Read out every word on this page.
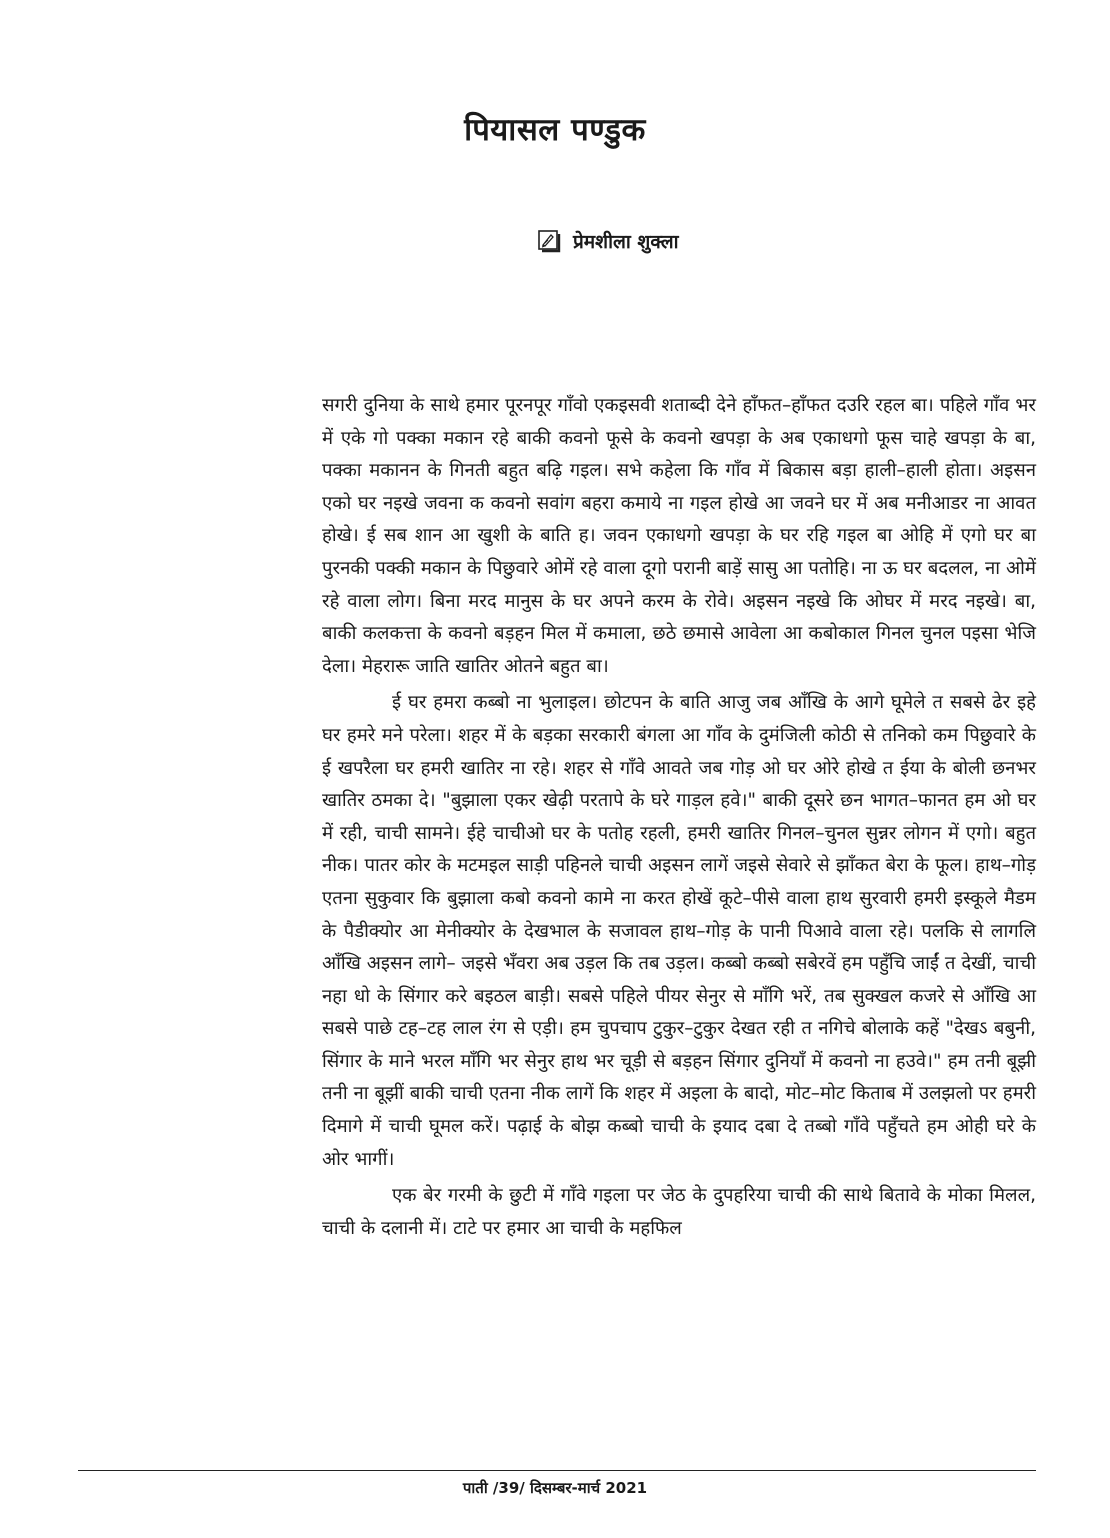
पियासल पण्डुक
प्रेमशीला शुक्ला

सगरी दुनिया के साथे हमार पूरनपूर गाँवो एकइसवी शताब्दी देने हाँफत–हाँफत दउरि रहल बा। पहिले गाँव भर में एके गो पक्का मकान रहे बाकी कवनो फूसे के कवनो खपड़ा के अब एकाधगो फूस चाहे खपड़ा के बा, पक्का मकानन के गिनती बहुत बढ़ि गइल। सभे कहेला कि गाँव में बिकास बड़ा हाली–हाली होता। अइसन एको घर नइखे जवना क कवनो सवांग बहरा कमाये ना गइल होखे आ जवने घर में अब मनीआडर ना आवत होखे। ई सब शान आ खुशी के बाति ह। जवन एकाधगो खपड़ा के घर रहि गइल बा ओहि में एगो घर बा पुरनकी पक्की मकान के पिछुवारे ओमें रहे वाला दूगो परानी बाड़ें सासु आ पतोहि। ना ऊ घर बदलल, ना ओमें रहे वाला लोग। बिना मरद मानुस के घर अपने करम के रोवे। अइसन नइखे कि ओघर में मरद नइखे। बा, बाकी कलकत्ता के कवनो बड़हन मिल में कमाला, छठे छमासे आवेला आ कबोकाल गिनल चुनल पइसा भेजि देला। मेहरारू जाति खातिर ओतने बहुत बा।

ई घर हमरा कब्बो ना भुलाइल। छोटपन के बाति आजु जब आँखि के आगे घूमेले त सबसे ढेर इहे घर हमरे मने परेला। शहर में के बड़का सरकारी बंगला आ गाँव के दुमंजिली कोठी से तनिको कम पिछुवारे के ई खपरैला घर हमरी खातिर ना रहे। शहर से गाँवे आवते जब गोड़ ओ घर ओरे होखे त ईया के बोली छनभर खातिर ठमका दे। "बुझाला एकर खेढ़ी परतापे के घरे गाड़ल हवे।" बाकी दूसरे छन भागत–फानत हम ओ घर में रही, चाची सामने। ईहे चाचीओ घर के पतोह रहली, हमरी खातिर गिनल–चुनल सुन्नर लोगन में एगो। बहुत नीक। पातर कोर के मटमइल साड़ी पहिनले चाची अइसन लागें जइसे सेवारे से झाँकत बेरा के फूल। हाथ–गोड़ एतना सुकुवार कि बुझाला कबो कवनो कामे ना करत होखें कूटे–पीसे वाला हाथ सुरवारी हमरी इस्कूले मैडम के पैडीक्योर आ मेनीक्योर के देखभाल के सजावल हाथ–गोड़ के पानी पिआवे वाला रहे। पलकि से लागलि आँखि अइसन लागे– जइसे भँवरा अब उड़ल कि तब उड़ल। कब्बो कब्बो सबेरवें हम पहुँचि जाईं त देखीं, चाची नहा धो के सिंगार करे बइठल बाड़ी। सबसे पहिले पीयर सेनुर से माँगि भरें, तब सुक्खल कजरे से आँखि आ सबसे पाछे टह–टह लाल रंग से एड़ी। हम चुपचाप टुकुर–टुकुर देखत रही त नगिचे बोलाके कहें "देखऽ बबुनी, सिंगार के माने भरल माँगि भर सेनुर हाथ भर चूड़ी से बड़हन सिंगार दुनियाँ में कवनो ना हउवे।" हम तनी बूझी तनी ना बूझीं बाकी चाची एतना नीक लागें कि शहर में अइला के बादो, मोट–मोट किताब में उलझलो पर हमरी दिमागे में चाची घूमल करें। पढ़ाई के बोझ कब्बो चाची के इयाद दबा दे तब्बो गाँवे पहुँचते हम ओही घरे के ओर भागीं।

एक बेर गरमी के छुटी में गाँवे गइला पर जेठ के दुपहरिया चाची की साथे बितावे के मोका मिलल, चाची के दलानी में। टाटे पर हमार आ चाची के महफिल

पाती /39/ दिसम्बर-मार्च 2021
